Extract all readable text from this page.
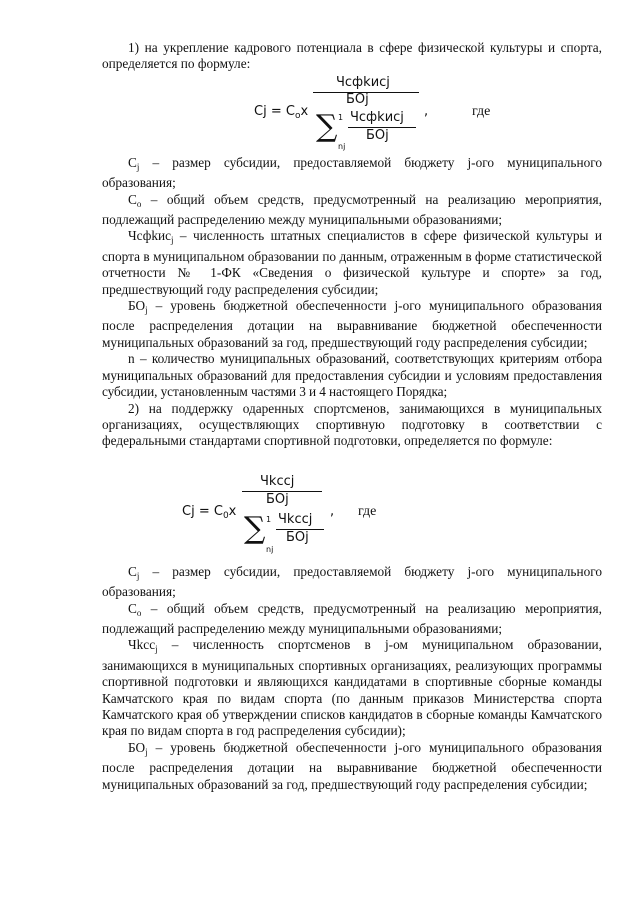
1) на укрепление кадрового потенциала в сфере физической культуры и спорта, определяется по формуле:

$Cj = C_ox$
Чсфkиcj
БОj
∑ 1
nj
Чсфkиcj
БОj
,	где

$C_j$ – размер субсидии, предоставляемой бюджету j-ого муниципального образования;

$C_o$ – общий объем средств, предусмотренный на реализацию мероприятия, подлежащий распределению между муниципальными образованиями;

Чсфkиc$_j$ – численность штатных специалистов в сфере физической культуры и спорта в муниципальном образовании по данным, отраженным в форме статистической отчетности № 1-ФК «Сведения о физической культуре и спорте» за год, предшествующий году распределения субсидии;

$БО_j$ – уровень бюджетной обеспеченности j-ого муниципального образования после распределения дотации на выравнивание бюджетной обеспеченности муниципальных образований за год, предшествующий году распределения субсидии;

n – количество муниципальных образований, соответствующих критериям отбора муниципальных образований для предоставления субсидии и условиям предоставления субсидии, установленным частями 3 и 4 настоящего Порядка;

2) на поддержку одаренных спортсменов, занимающихся в муниципальных организациях, осуществляющих спортивную подготовку в соответствии с федеральными стандартами спортивной подготовки, определяется по формуле:

$Cj = C_0x$
Чkccj
БОj
∑ 1
nj
Чkccj
БОj
, где

$C_j$ – размер субсидии, предоставляемой бюджету j-ого муниципального образования;

$C_o$ – общий объем средств, предусмотренный на реализацию мероприятия, подлежащий распределению между муниципальными образованиями;

Чkcc$_j$ – численность спортсменов в j-ом муниципальном образовании, занимающихся в муниципальных спортивных организациях, реализующих программы спортивной подготовки и являющихся кандидатами в спортивные сборные команды Камчатского края по видам спорта (по данным приказов Министерства спорта Камчатского края об утверждении списков кандидатов в сборные команды Камчатского края по видам спорта в год распределения субсидии);

$БО_j$ – уровень бюджетной обеспеченности j-ого муниципального образования после распределения дотации на выравнивание бюджетной обеспеченности муниципальных образований за год, предшествующий году распределения субсидии;
